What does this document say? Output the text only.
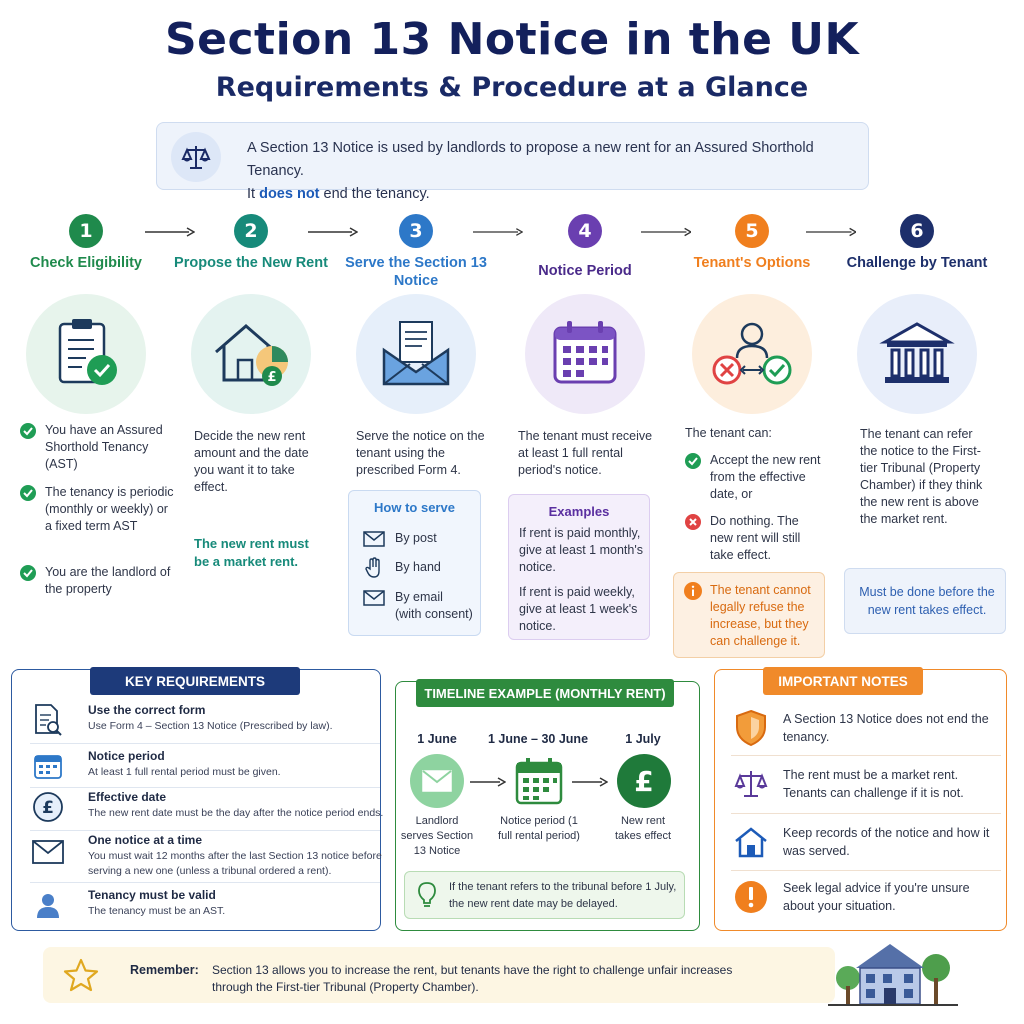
Section 13 Notice in the UK
Requirements & Procedure at a Glance
A Section 13 Notice is used by landlords to propose a new rent for an Assured Shorthold Tenancy.
It does not end the tenancy.
1
Check Eligibility
You have an Assured Shorthold Tenancy (AST)
The tenancy is periodic (monthly or weekly) or a fixed term AST
You are the landlord of the property
2
Propose the New Rent
£
Decide the new rent amount and the date you want it to take effect.
The new rent must be a market rent.
3
Serve the Section 13 Notice
Serve the notice on the tenant using the prescribed Form 4.
How to serve
By post
By hand
By email
(with consent)
4
Notice Period
The tenant must receive at least 1 full rental period's notice.
Examples
If rent is paid monthly, give at least 1 month's notice.
If rent is paid weekly, give at least 1 week's notice.
5
Tenant's Options
The tenant can:
Accept the new rent from the effective date, or
Do nothing. The new rent will still take effect.
The tenant cannot legally refuse the increase, but they can challenge it.
6
Challenge by Tenant
The tenant can refer the notice to the First-tier Tribunal (Property Chamber) if they think the new rent is above the market rent.
Must be done before the new rent takes effect.
KEY REQUIREMENTS
Use the correct form
Use Form 4 – Section 13 Notice (Prescribed by law).
Notice period
At least 1 full rental period must be given.
£
Effective date
The new rent date must be the day after the notice period ends.
One notice at a time
You must wait 12 months after the last Section 13 notice before serving a new one (unless a tribunal ordered a rent).
Tenancy must be valid
The tenancy must be an AST.
TIMELINE EXAMPLE (MONTHLY RENT)
1 June	1 June – 30 June	1 July
£
Landlord serves Section 13 Notice
Notice period (1 full rental period)
New rent takes effect
If the tenant refers to the tribunal before 1 July, the new rent date may be delayed.
IMPORTANT NOTES
A Section 13 Notice does not end the tenancy.
The rent must be a market rent. Tenants can challenge if it is not.
Keep records of the notice and how it was served.
Seek legal advice if you're unsure about your situation.
Remember: Section 13 allows you to increase the rent, but tenants have the right to challenge unfair increases
through the First-tier Tribunal (Property Chamber).
